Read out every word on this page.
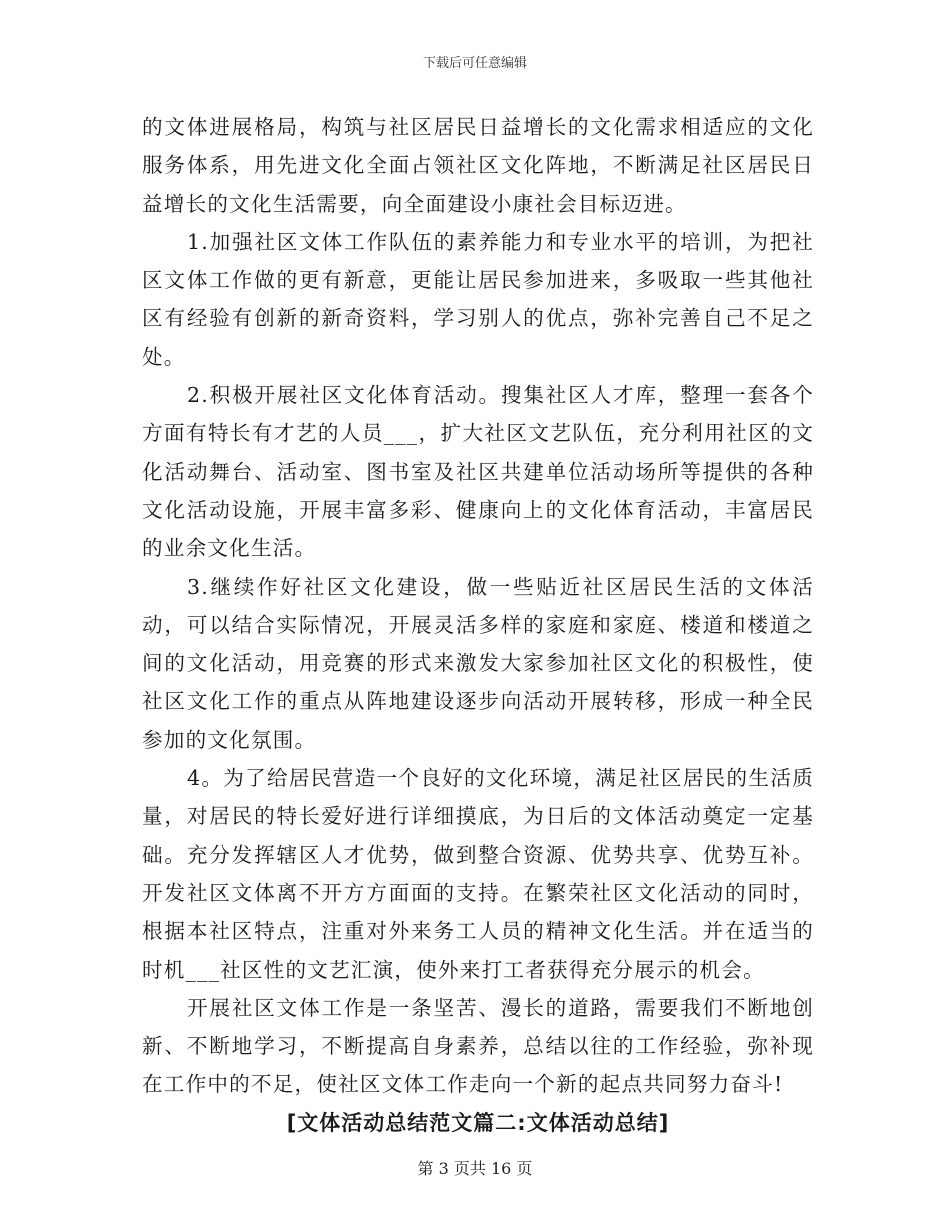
下载后可任意编辑

的文体进展格局，构筑与社区居民日益增长的文化需求相适应的文化服务体系，用先进文化全面占领社区文化阵地，不断满足社区居民日益增长的文化生活需要，向全面建设小康社会目标迈进。

1.加强社区文体工作队伍的素养能力和专业水平的培训，为把社区文体工作做的更有新意，更能让居民参加进来，多吸取一些其他社区有经验有创新的新奇资料，学习别人的优点，弥补完善自己不足之处。

2.积极开展社区文化体育活动。搜集社区人才库，整理一套各个方面有特长有才艺的人员___，扩大社区文艺队伍，充分利用社区的文化活动舞台、活动室、图书室及社区共建单位活动场所等提供的各种文化活动设施，开展丰富多彩、健康向上的文化体育活动，丰富居民的业余文化生活。

3.继续作好社区文化建设，做一些贴近社区居民生活的文体活动，可以结合实际情况，开展灵活多样的家庭和家庭、楼道和楼道之间的文化活动，用竞赛的形式来激发大家参加社区文化的积极性，使社区文化工作的重点从阵地建设逐步向活动开展转移，形成一种全民参加的文化氛围。

4。为了给居民营造一个良好的文化环境，满足社区居民的生活质量，对居民的特长爱好进行详细摸底，为日后的文体活动奠定一定基础。充分发挥辖区人才优势，做到整合资源、优势共享、优势互补。开发社区文体离不开方方面面的支持。在繁荣社区文化活动的同时，根据本社区特点，注重对外来务工人员的精神文化生活。并在适当的时机___社区性的文艺汇演，使外来打工者获得充分展示的机会。

开展社区文体工作是一条坚苦、漫长的道路，需要我们不断地创新、不断地学习，不断提高自身素养，总结以往的工作经验，弥补现在工作中的不足，使社区文体工作走向一个新的起点共同努力奋斗!

[文体活动总结范文篇二:文体活动总结]

第 3 页共 16 页
